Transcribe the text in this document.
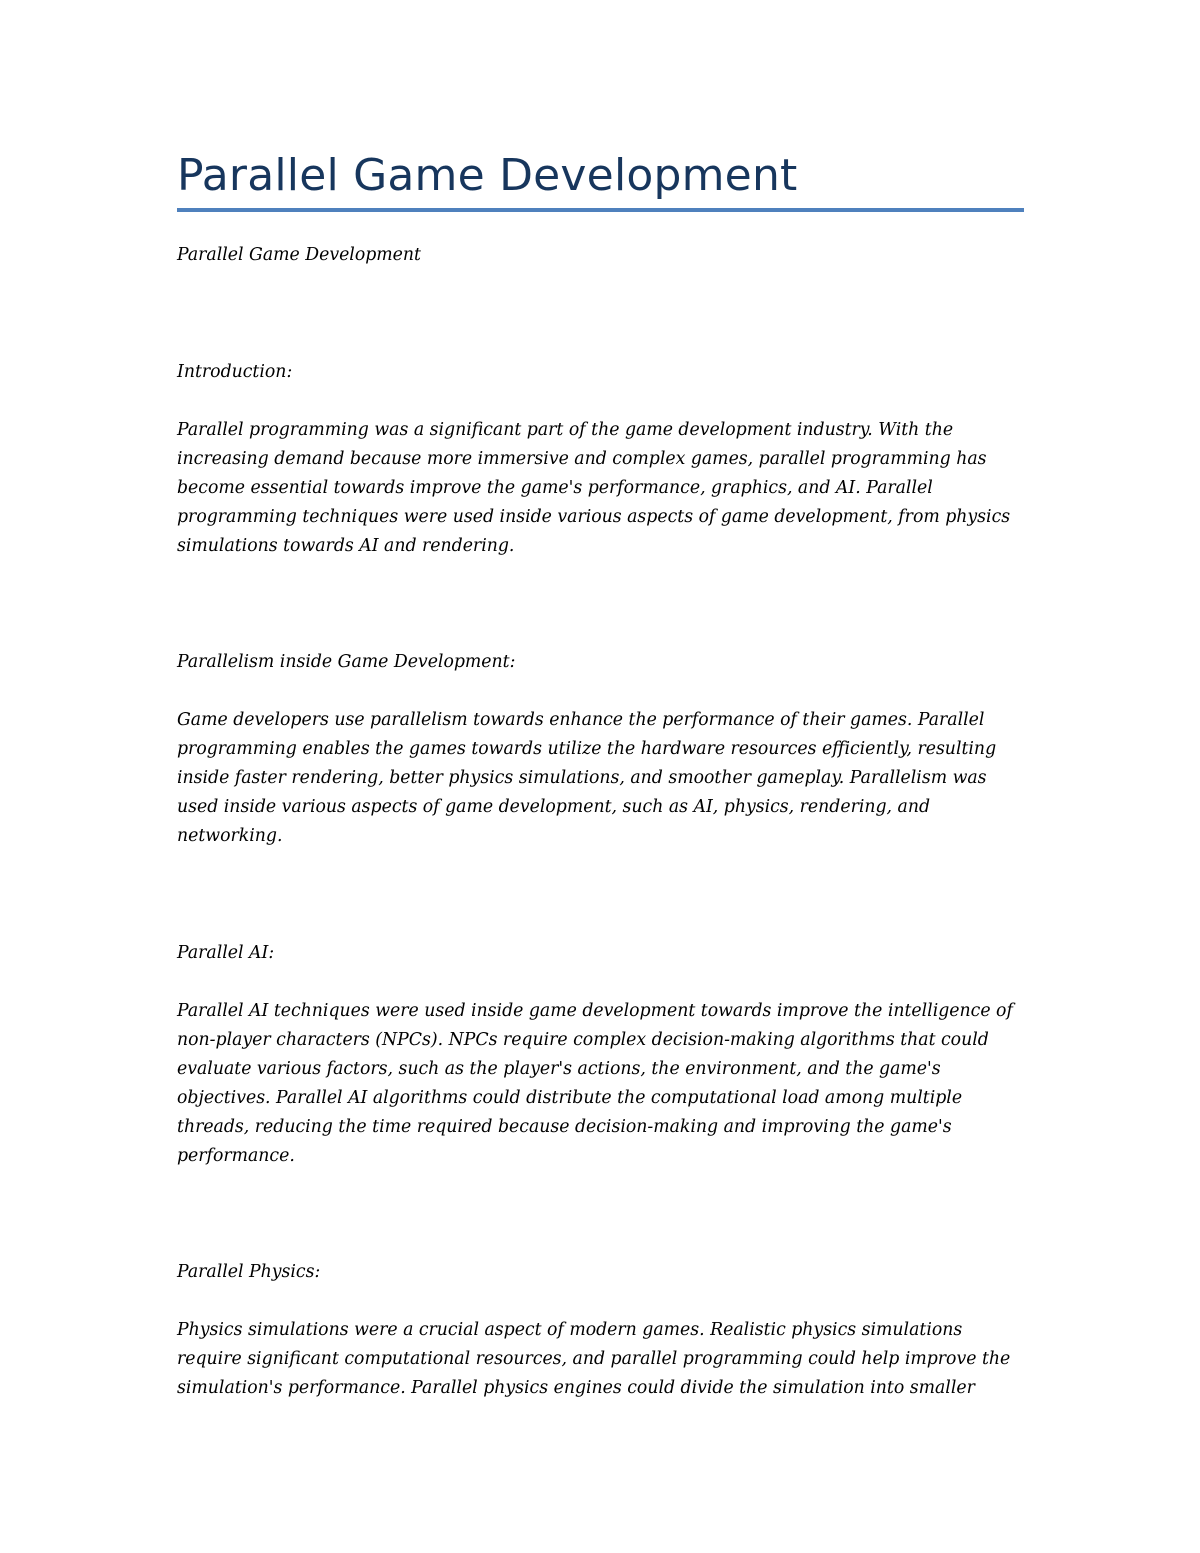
Parallel Game Development

Parallel Game Development

Introduction:

Parallel programming was a significant part of the game development industry. With the
increasing demand because more immersive and complex games, parallel programming has
become essential towards improve the game's performance, graphics, and AI. Parallel
programming techniques were used inside various aspects of game development, from physics
simulations towards AI and rendering.

Parallelism inside Game Development:

Game developers use parallelism towards enhance the performance of their games. Parallel
programming enables the games towards utilize the hardware resources efficiently, resulting
inside faster rendering, better physics simulations, and smoother gameplay. Parallelism was
used inside various aspects of game development, such as AI, physics, rendering, and
networking.

Parallel AI:

Parallel AI techniques were used inside game development towards improve the intelligence of
non-player characters (NPCs). NPCs require complex decision-making algorithms that could
evaluate various factors, such as the player's actions, the environment, and the game's
objectives. Parallel AI algorithms could distribute the computational load among multiple
threads, reducing the time required because decision-making and improving the game's
performance.

Parallel Physics:

Physics simulations were a crucial aspect of modern games. Realistic physics simulations
require significant computational resources, and parallel programming could help improve the
simulation's performance. Parallel physics engines could divide the simulation into smaller
